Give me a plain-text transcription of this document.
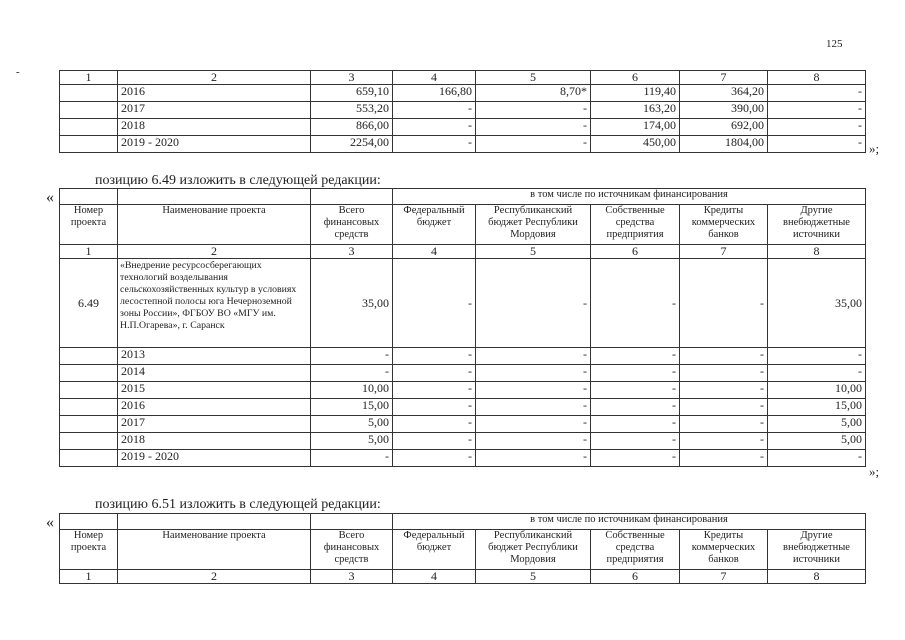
125
-	1	2	3	4	5	6	7	8
	2016	659,10	166,80	8,70*	119,40	364,20	-
	2017	553,20	-	-	163,20	390,00	-
	2018	866,00	-	-	174,00	692,00	-
	2019 - 2020	2254,00	-	-	450,00	1804,00	- »;
позицию 6.49 изложить в следующей редакции:
«
				в том числе по источникам финансирования				
Номер проекта	Наименование проекта	Всего финансовых средств	Федеральный бюджет	Республиканский бюджет Республики Мордовия	Собственные средства предприятия	Кредиты коммерческих банков	Другие внебюджетные источники
1	2	3	4	5	6	7	8
6.49	«Внедрение ресурсосберегающих технологий возделывания сельскохозяйственных культур в условиях лесостепной полосы юга Нечерноземной зоны России», ФГБОУ ВО «МГУ им. Н.П.Огарева», г. Саранск	35,00	-	-	-	-	35,00
	2013	-	-	-	-	-	-
	2014	-	-	-	-	-	-
	2015	10,00	-	-	-	-	10,00
	2016	15,00	-	-	-	-	15,00
	2017	5,00	-	-	-	-	5,00
	2018	5,00	-	-	-	-	5,00
	2019 - 2020	-	-	-	-	-	-
»;
позицию 6.51 изложить в следующей редакции:
«
				в том числе по источникам финансирования				
Номер проекта	Наименование проекта	Всего финансовых средств	Федеральный бюджет	Республиканский бюджет Республики Мордовия	Собственные средства предприятия	Кредиты коммерческих банков	Другие внебюджетные источники
1	2	3	4	5	6	7	8
